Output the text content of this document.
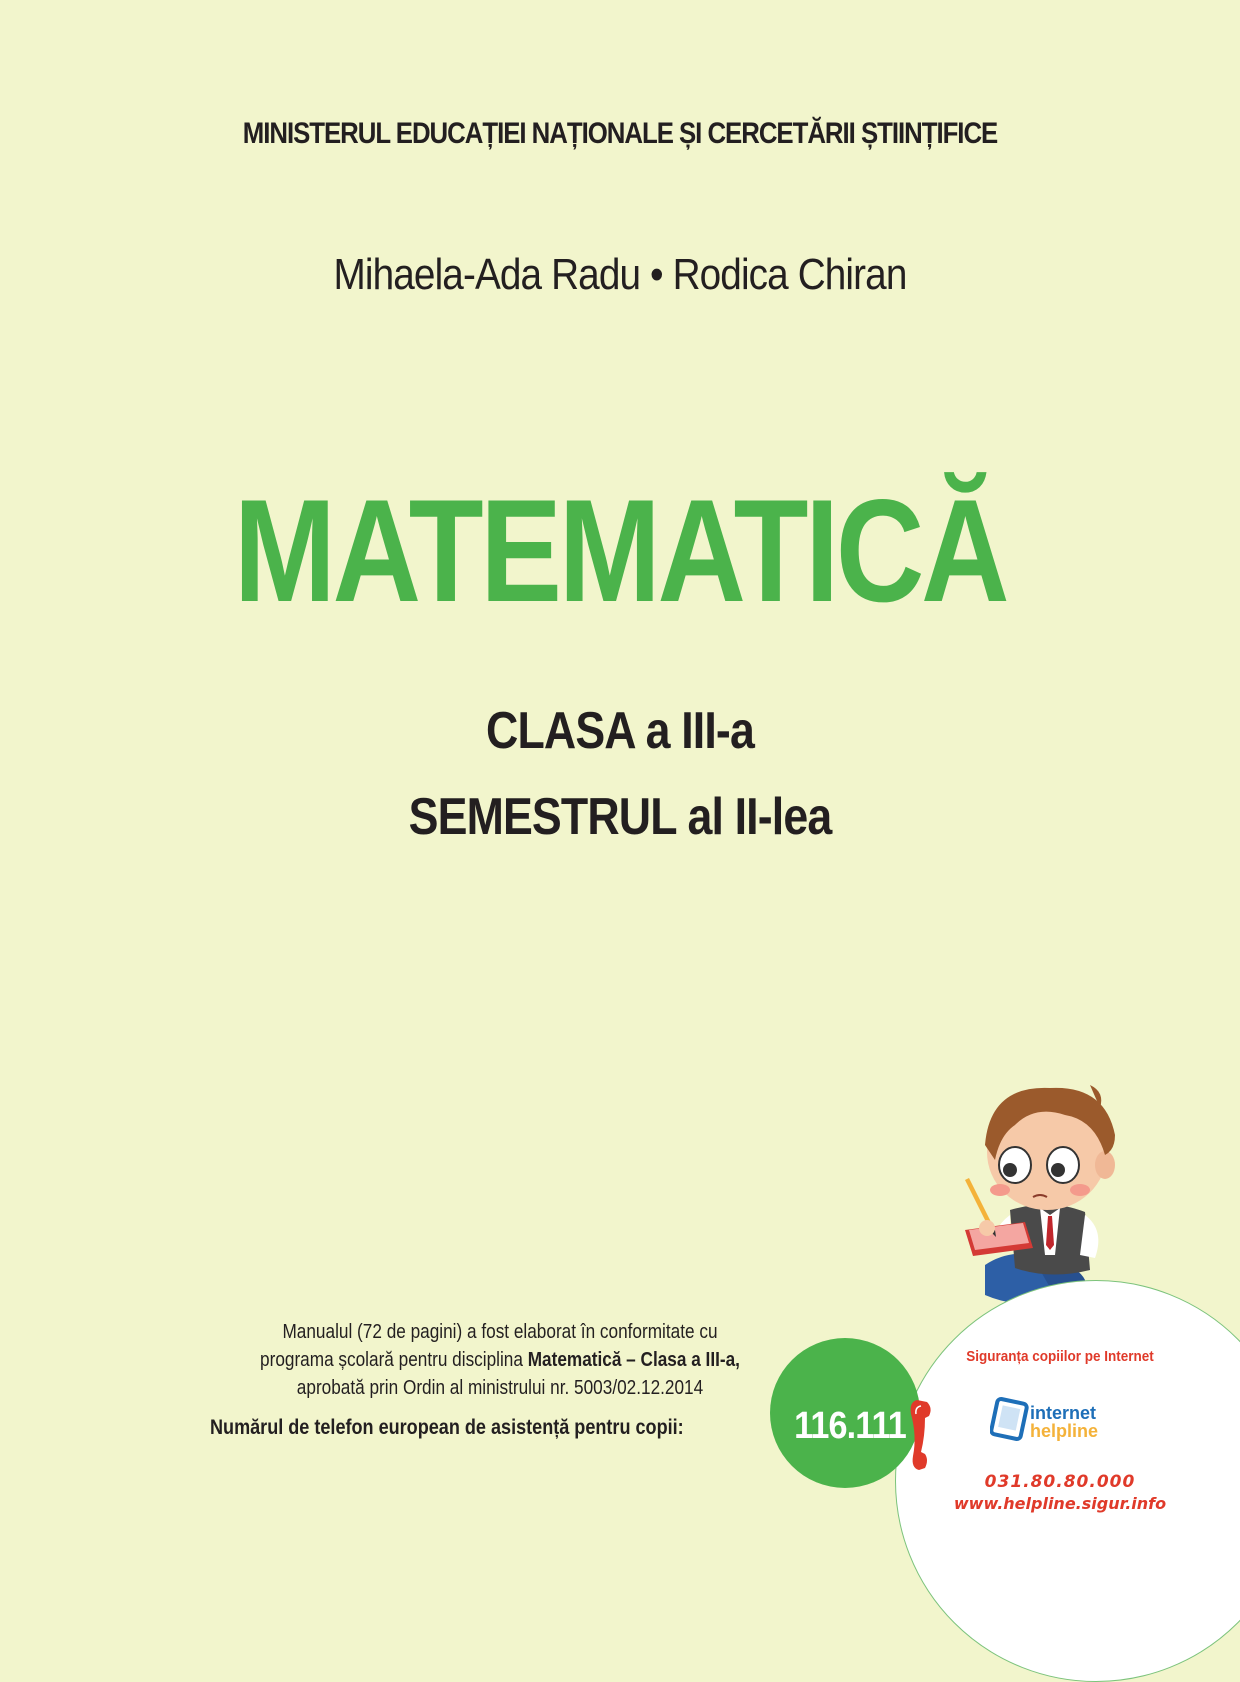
MINISTERUL EDUCAȚIEI NAȚIONALE ȘI CERCETĂRII ȘTIINȚIFICE
Mihaela-Ada Radu • Rodica Chiran
MATEMATICĂ
CLASA a III-a
SEMESTRUL al II-lea
Manualul (72 de pagini) a fost elaborat în conformitate cu
programa școlară pentru disciplina Matematică – Clasa a III-a,
aprobată prin Ordin al ministrului nr. 5003/02.12.2014
Numărul de telefon european de asistență pentru copii:	116.111
Siguranța copiilor pe Internet
internet
helpline
031.80.80.000
www.helpline.sigur.info
